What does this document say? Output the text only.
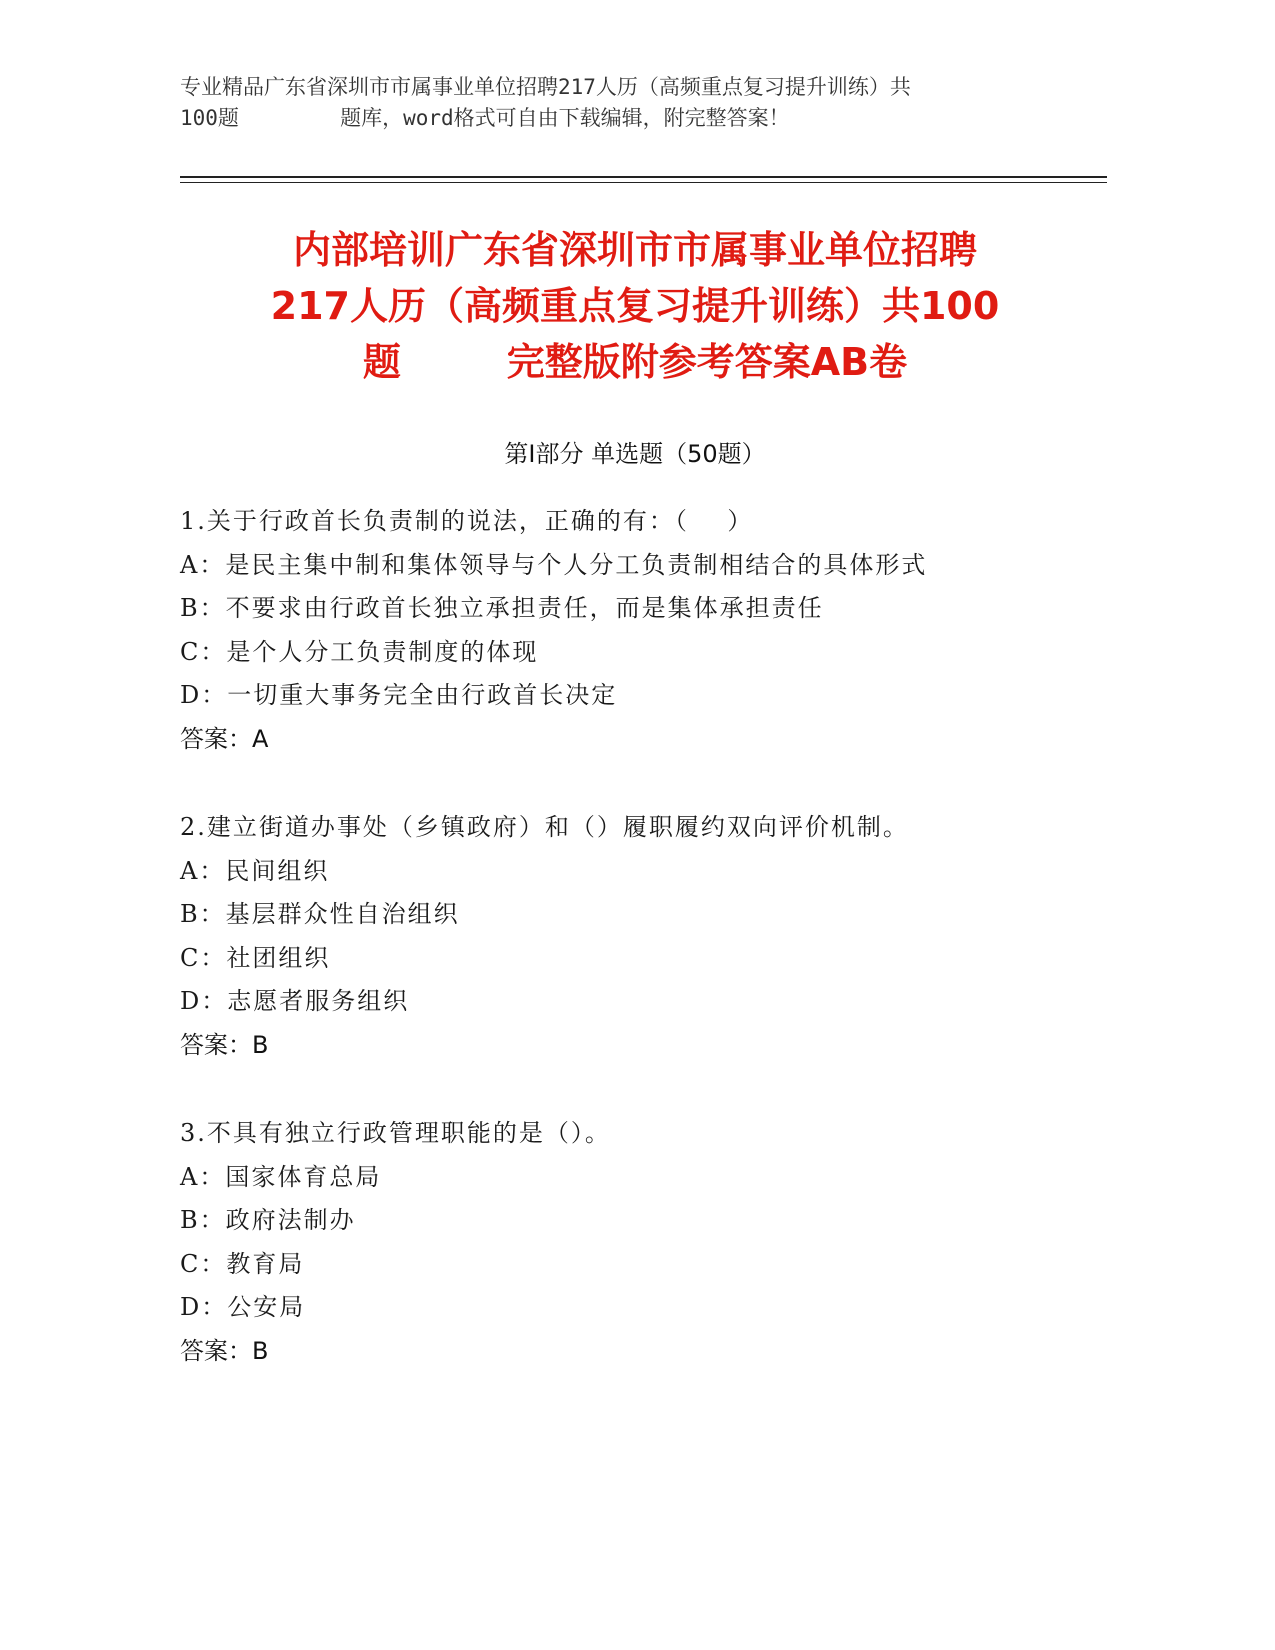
专业精品广东省深圳市市属事业单位招聘217人历（高频重点复习提升训练）共
100题        题库，word格式可自由下载编辑，附完整答案！
内部培训广东省深圳市市属事业单位招聘
217人历（高频重点复习提升训练）共100
题        完整版附参考答案AB卷
第Ⅰ部分 单选题（50题）
1.关于行政首长负责制的说法，正确的有：（    ）
A：是民主集中制和集体领导与个人分工负责制相结合的具体形式
B：不要求由行政首长独立承担责任，而是集体承担责任
C：是个人分工负责制度的体现
D：一切重大事务完全由行政首长决定
答案：A
2.建立街道办事处（乡镇政府）和（）履职履约双向评价机制。
A：民间组织
B：基层群众性自治组织
C：社团组织
D：志愿者服务组织
答案：B
3.不具有独立行政管理职能的是（）。
A：国家体育总局
B：政府法制办
C：教育局
D：公安局
答案：B
